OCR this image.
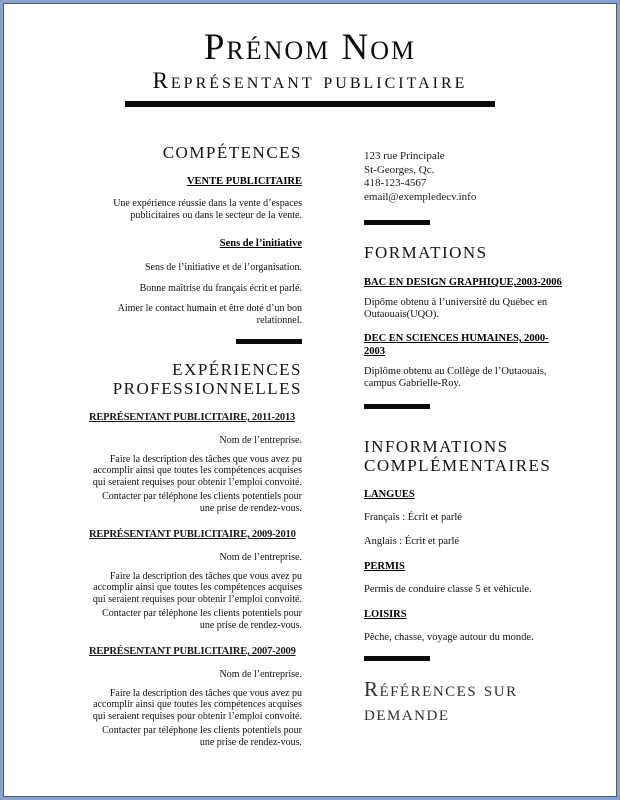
Prénom Nom
Représentant publicitaire
COMPÉTENCES
VENTE PUBLICITAIRE
Une expérience réussie dans la vente d’espaces publicitaires ou dans le secteur de la vente.
Sens de l’initiative
Sens de l’initiative et de l’organisation.
Bonne maîtrise du français écrit et parlé.
Aimer le contact humain et être doté d’un bon relationnel.
EXPÉRIENCES PROFESSIONNELLES
REPRÉSENTANT PUBLICITAIRE, 2011-2013
Nom de l’entreprise.
Faire la description des tâches que vous avez pu accomplir ainsi que toutes les compétences acquises qui seraient requises pour obtenir l’emploi convoité.
Contacter par téléphone les clients potentiels pour une prise de rendez-vous.
REPRÉSENTANT PUBLICITAIRE, 2009-2010
Nom de l’entreprise.
Faire la description des tâches que vous avez pu accomplir ainsi que toutes les compétences acquises qui seraient requises pour obtenir l’emploi convoité.
Contacter par téléphone les clients potentiels pour une prise de rendez-vous.
REPRÉSENTANT PUBLICITAIRE, 2007-2009
Nom de l’entreprise.
Faire la description des tâches que vous avez pu accomplir ainsi que toutes les compétences acquises qui seraient requises pour obtenir l’emploi convoité.
Contacter par téléphone les clients potentiels pour une prise de rendez-vous.
123 rue Principale
St-Georges, Qc.
418-123-4567
email@exempledecv.info
FORMATIONS
BAC EN DESIGN GRAPHIQUE,2003-2006
Dipôme obtenu à l’université du Québec en Outaouais(UQO).
DEC EN SCIENCES HUMAINES, 2000-2003
Diplôme obtenu au Collège de l’Outaouais, campus Gabrielle-Roy.
INFORMATIONS COMPLÉMENTAIRES
LANGUES
Français : Écrit et parlé
Anglais : Écrit et parlé
PERMIS
Permis de conduire classe 5 et véhicule.
LOISIRS
Pêche, chasse, voyage autour du monde.
Références sur demande
